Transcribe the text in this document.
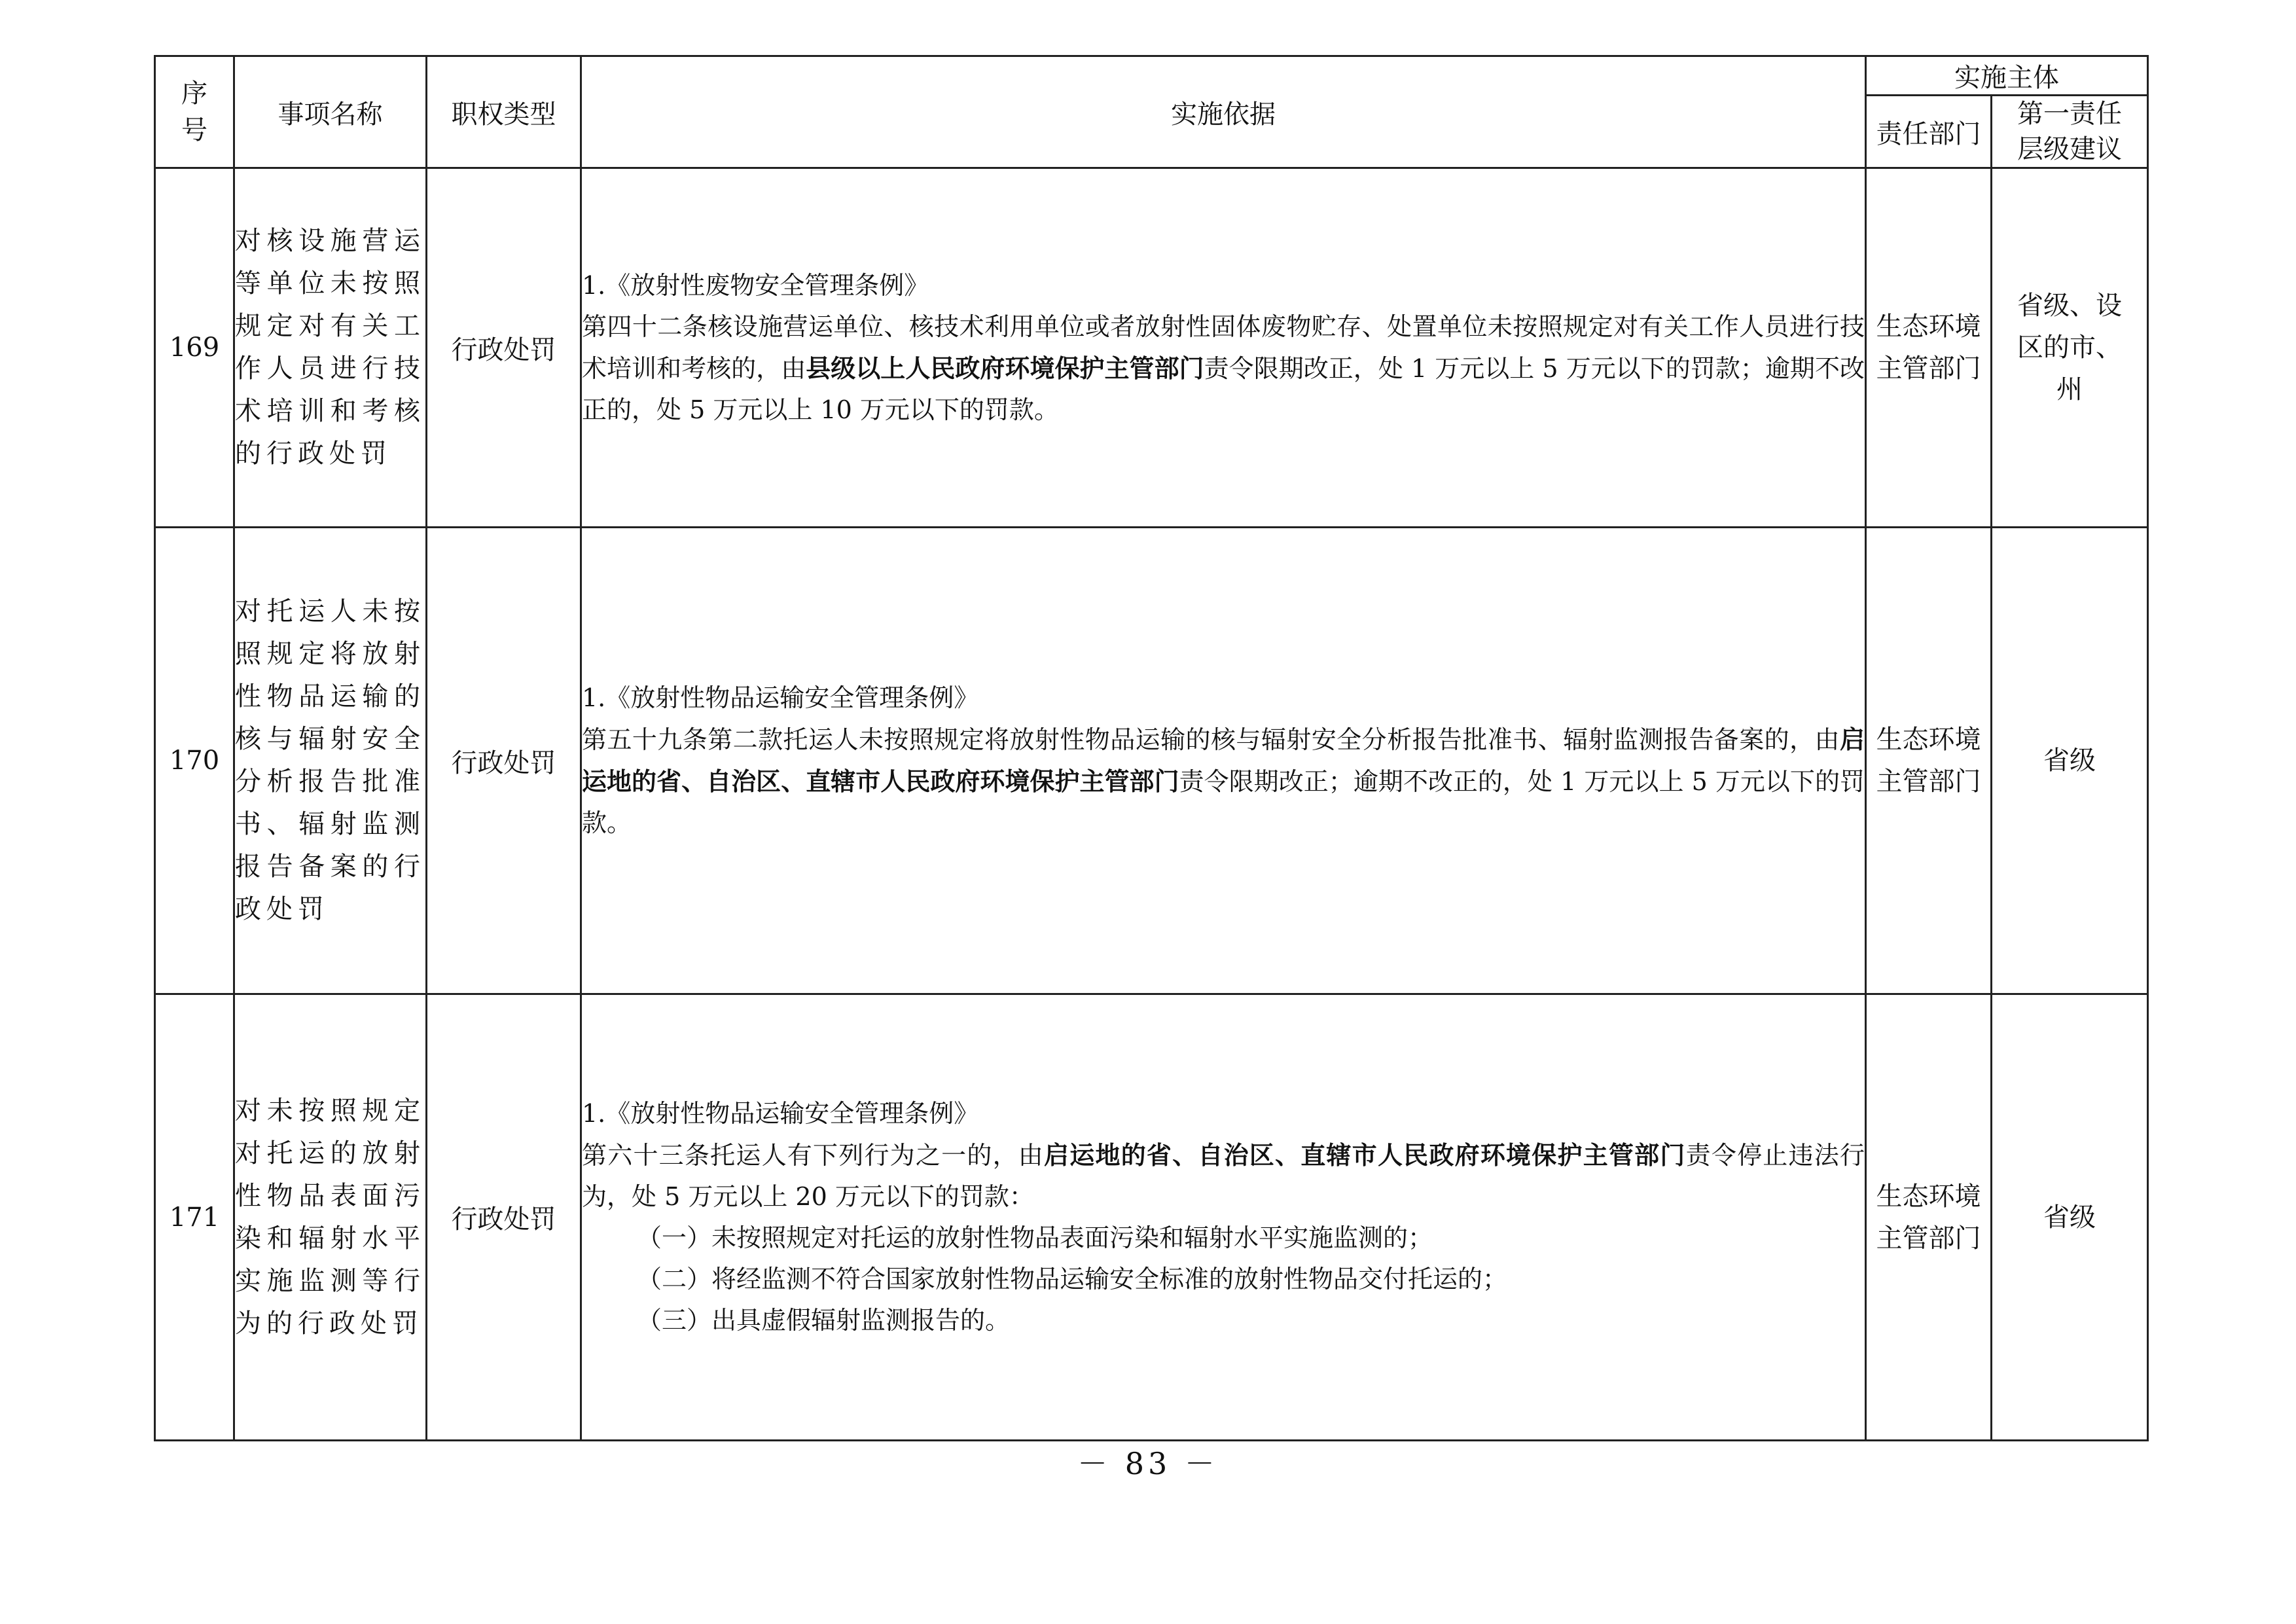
序号	事项名称	职权类型	实施依据	实施主体	
				责任部门	第一责任层级建议
169	对核设施营运等单位未按照规定对有关工作人员进行技术培训和考核的行政处罚	行政处罚	1.《放射性废物安全管理条例》
第四十二条核设施营运单位、核技术利用单位或者放射性固体废物贮存、处置单位未按照规定对有关工作人员进行技术培训和考核的，由县级以上人民政府环境保护主管部门责令限期改正，处 1 万元以上 5 万元以下的罚款；逾期不改正的，处 5 万元以上 10 万元以下的罚款。	生态环境主管部门	省级、设区的市、州
170	对托运人未按照规定将放射性物品运输的核与辐射安全分析报告批准书、辐射监测报告备案的行政处罚	行政处罚	1.《放射性物品运输安全管理条例》
第五十九条第二款托运人未按照规定将放射性物品运输的核与辐射安全分析报告批准书、辐射监测报告备案的，由启运地的省、自治区、直辖市人民政府环境保护主管部门责令限期改正；逾期不改正的，处 1 万元以上 5 万元以下的罚款。	生态环境主管部门	省级
171	对未按照规定对托运的放射性物品表面污染和辐射水平实施监测等行为的行政处罚	行政处罚	1.《放射性物品运输安全管理条例》
第六十三条托运人有下列行为之一的，由启运地的省、自治区、直辖市人民政府环境保护主管部门责令停止违法行为，处 5 万元以上 20 万元以下的罚款：
（一）未按照规定对托运的放射性物品表面污染和辐射水平实施监测的；
（二）将经监测不符合国家放射性物品运输安全标准的放射性物品交付托运的；
（三）出具虚假辐射监测报告的。	生态环境主管部门	省级
－ 83 －
